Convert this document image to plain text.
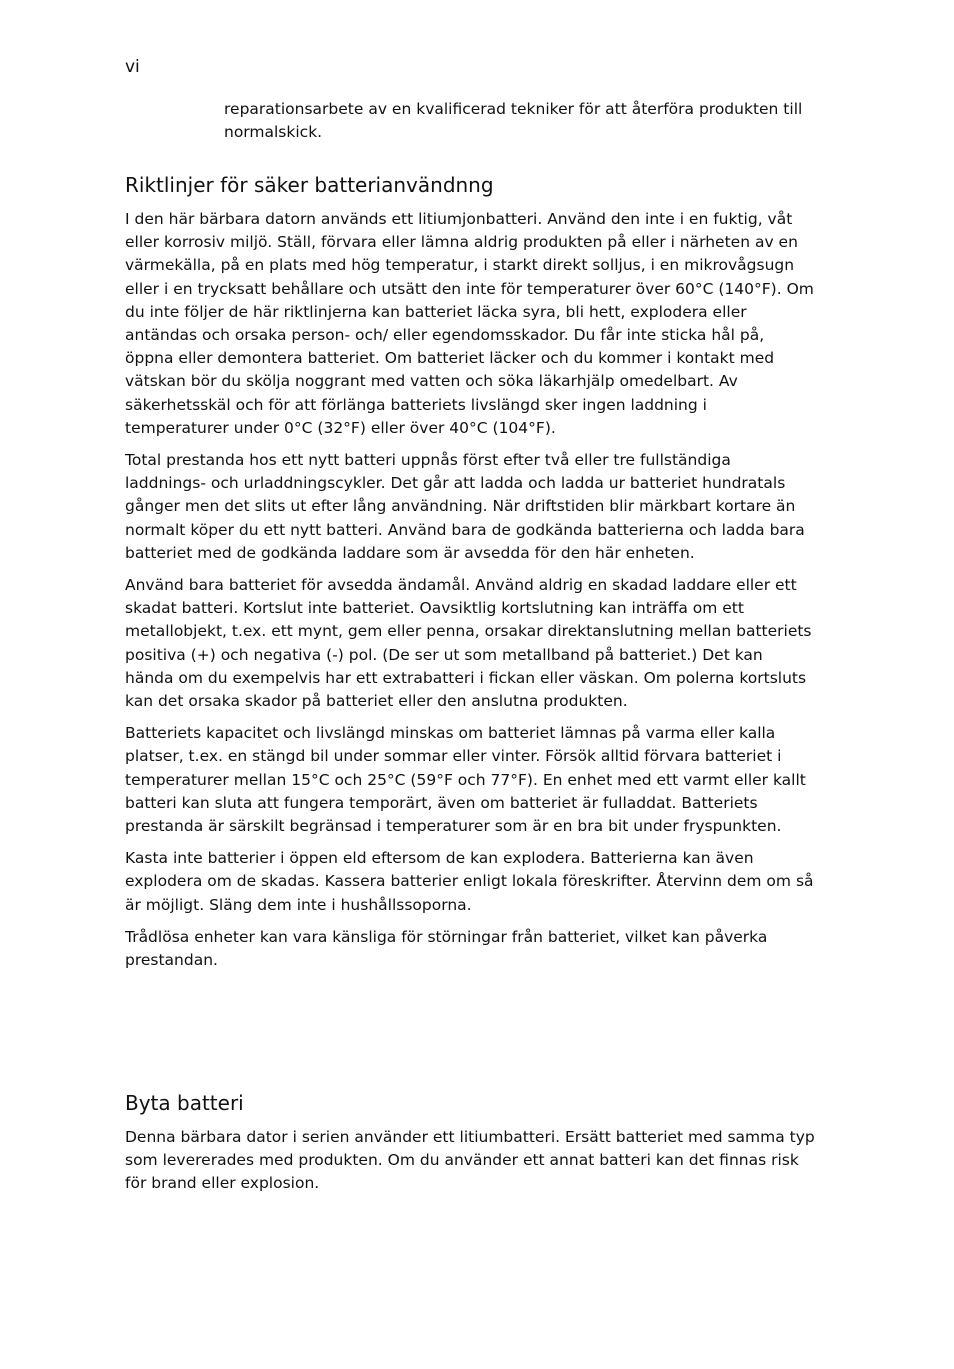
vi

reparationsarbete av en kvalificerad tekniker för att återföra produkten till normalskick.

Riktlinjer för säker batterianvändnng

I den här bärbara datorn används ett litiumjonbatteri. Använd den inte i en fuktig, våt eller korrosiv miljö. Ställ, förvara eller lämna aldrig produkten på eller i närheten av en värmekälla, på en plats med hög temperatur, i starkt direkt solljus, i en mikrovågsugn eller i en trycksatt behållare och utsätt den inte för temperaturer över 60°C (140°F). Om du inte följer de här riktlinjerna kan batteriet läcka syra, bli hett, explodera eller antändas och orsaka person- och/ eller egendomsskador. Du får inte sticka hål på, öppna eller demontera batteriet. Om batteriet läcker och du kommer i kontakt med vätskan bör du skölja noggrant med vatten och söka läkarhjälp omedelbart. Av säkerhetsskäl och för att förlänga batteriets livslängd sker ingen laddning i temperaturer under 0°C (32°F) eller över 40°C (104°F).

Total prestanda hos ett nytt batteri uppnås först efter två eller tre fullständiga laddnings- och urladdningscykler. Det går att ladda och ladda ur batteriet hundratals gånger men det slits ut efter lång användning. När driftstiden blir märkbart kortare än normalt köper du ett nytt batteri. Använd bara de godkända batterierna och ladda bara batteriet med de godkända laddare som är avsedda för den här enheten.

Använd bara batteriet för avsedda ändamål. Använd aldrig en skadad laddare eller ett skadat batteri. Kortslut inte batteriet. Oavsiktlig kortslutning kan inträffa om ett metallobjekt, t.ex. ett mynt, gem eller penna, orsakar direktanslutning mellan batteriets positiva (+) och negativa (-) pol. (De ser ut som metallband på batteriet.) Det kan hända om du exempelvis har ett extrabatteri i fickan eller väskan. Om polerna kortsluts kan det orsaka skador på batteriet eller den anslutna produkten.

Batteriets kapacitet och livslängd minskas om batteriet lämnas på varma eller kalla platser, t.ex. en stängd bil under sommar eller vinter. Försök alltid förvara batteriet i temperaturer mellan 15°C och 25°C (59°F och 77°F). En enhet med ett varmt eller kallt batteri kan sluta att fungera temporärt, även om batteriet är fulladdat. Batteriets prestanda är särskilt begränsad i temperaturer som är en bra bit under fryspunkten.

Kasta inte batterier i öppen eld eftersom de kan explodera. Batterierna kan även explodera om de skadas. Kassera batterier enligt lokala föreskrifter. Återvinn dem om så är möjligt. Släng dem inte i hushållssoporna.

Trådlösa enheter kan vara känsliga för störningar från batteriet, vilket kan påverka prestandan.

Byta batteri

Denna bärbara dator i serien använder ett litiumbatteri. Ersätt batteriet med samma typ som levererades med produkten. Om du använder ett annat batteri kan det finnas risk för brand eller explosion.
